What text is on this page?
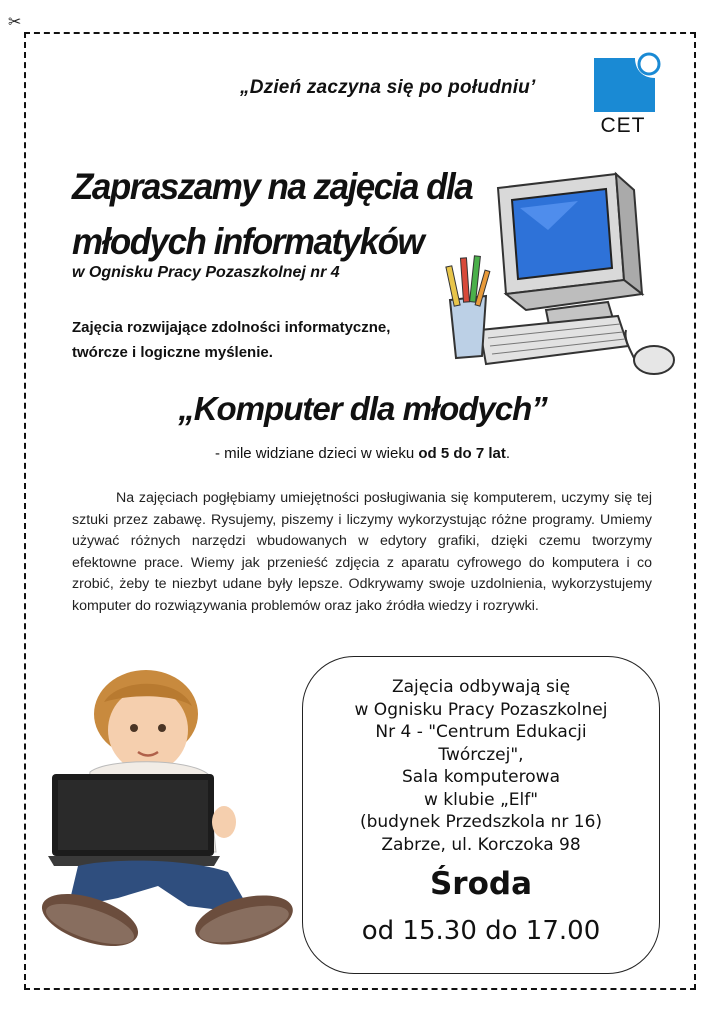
✂
„Dzień zaczyna się po południu’
CET
Zapraszamy na zajęcia dla
młodych informatyków
w Ognisku Pracy Pozaszkolnej nr 4
Zajęcia rozwijające zdolności informatyczne,
twórcze i logiczne myślenie.
„Komputer dla młodych”
- mile widziane dzieci w wieku od 5 do 7 lat.

Na zajęciach pogłębiamy umiejętności posługiwania się komputerem, uczymy się tej sztuki przez zabawę. Rysujemy, piszemy i liczymy wykorzystując różne programy. Umiemy używać różnych narzędzi wbudowanych w edytory grafiki, dzięki czemu tworzymy efektowne prace. Wiemy jak przenieść zdjęcia z aparatu cyfrowego do komputera i co zrobić, żeby te niezbyt udane były lepsze. Odkrywamy swoje uzdolnienia, wykorzystujemy komputer do rozwiązywania problemów oraz jako źródła wiedzy i rozrywki.

Zajęcia odbywają się
w Ognisku Pracy Pozaszkolnej
Nr 4 - "Centrum Edukacji
Twórczej",
Sala komputerowa
w klubie „Elf"
(budynek Przedszkola nr 16)
Zabrze, ul. Korczoka 98
Środa
od 15.30 do 17.00
